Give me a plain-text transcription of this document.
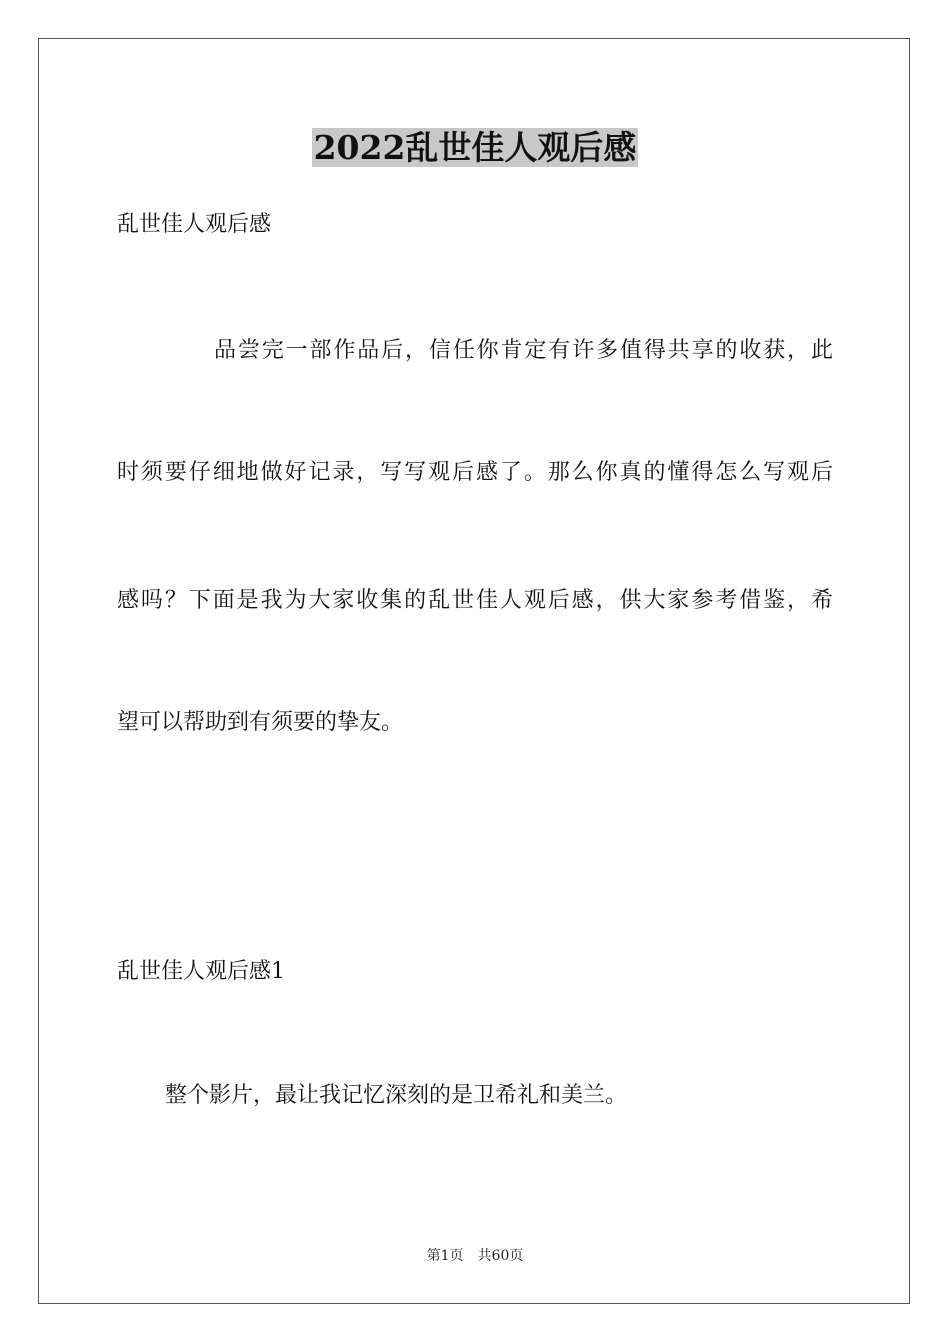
2022乱世佳人观后感

乱世佳人观后感

品尝完一部作品后，信任你肯定有许多值得共享的收获，此

时须要仔细地做好记录，写写观后感了。那么你真的懂得怎么写观后

感吗？下面是我为大家收集的乱世佳人观后感，供大家参考借鉴，希

望可以帮助到有须要的挚友。

乱世佳人观后感1

整个影片，最让我记忆深刻的是卫希礼和美兰。

第1页 共60页
